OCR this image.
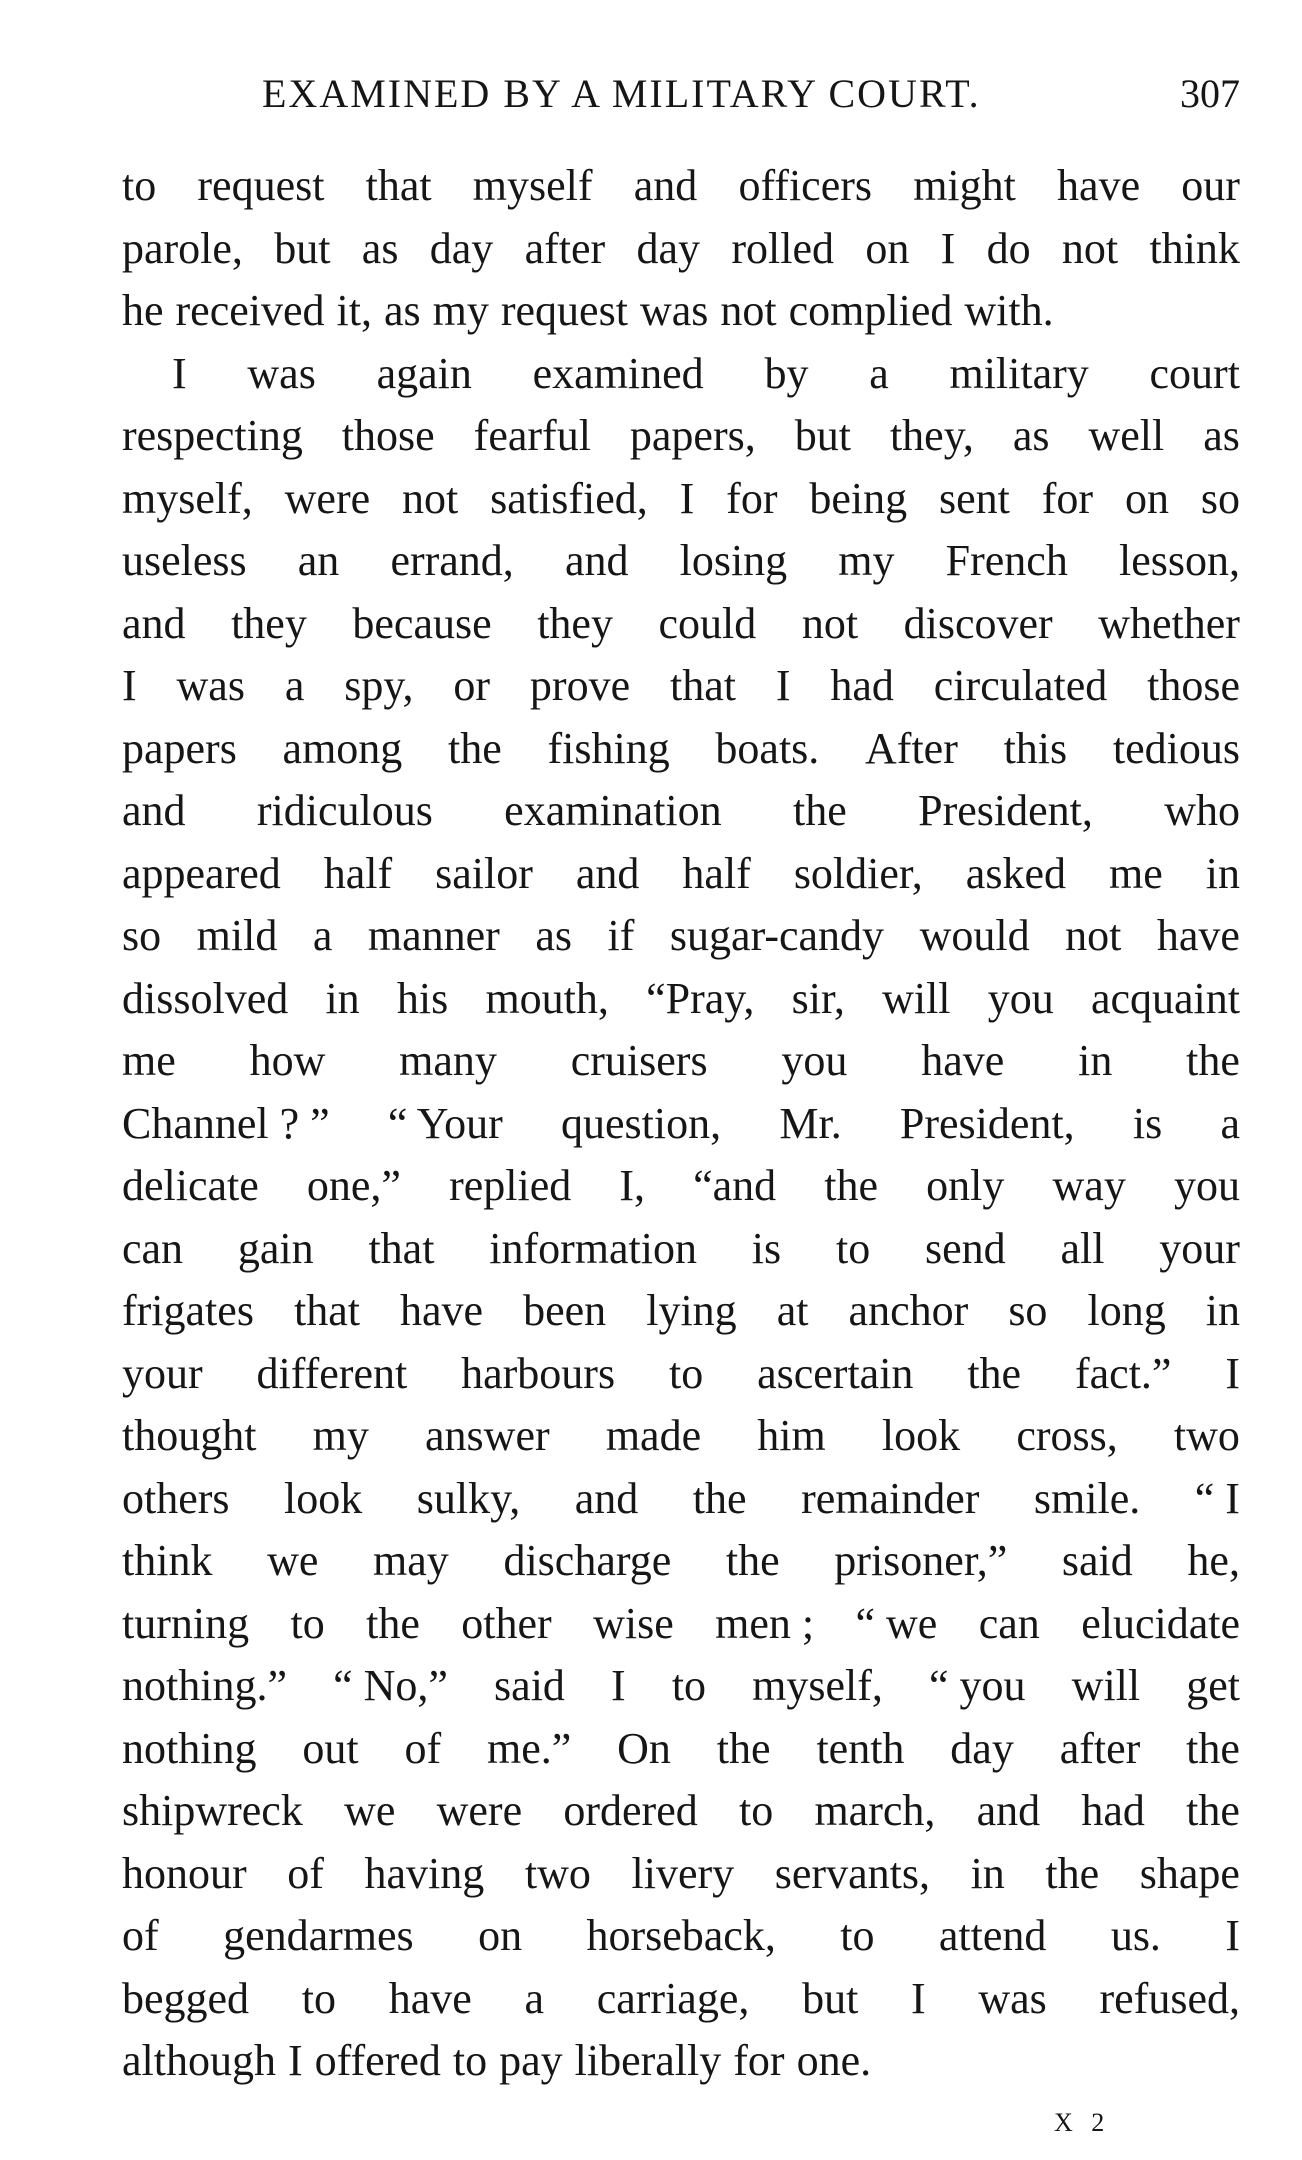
EXAMINED BY A MILITARY COURT.	307
to request that myself and officers might have our
parole, but as day after day rolled on I do not think
he received it, as my request was not complied with.
I was again examined by a military court
respecting those fearful papers, but they, as well as
myself, were not satisfied, I for being sent for on so
useless an errand, and losing my French lesson,
and they because they could not discover whether
I was a spy, or prove that I had circulated those
papers among the fishing boats. After this tedious
and ridiculous examination the President, who
appeared half sailor and half soldier, asked me in
so mild a manner as if sugar-candy would not have
dissolved in his mouth, “Pray, sir, will you acquaint
me how many cruisers you have in the
Channel ? ” “ Your question, Mr. President, is a
delicate one,” replied I, “and the only way you
can gain that information is to send all your
frigates that have been lying at anchor so long in
your different harbours to ascertain the fact.” I
thought my answer made him look cross, two
others look sulky, and the remainder smile. “ I
think we may discharge the prisoner,” said he,
turning to the other wise men ; “ we can elucidate
nothing.” “ No,” said I to myself, “ you will get
nothing out of me.” On the tenth day after the
shipwreck we were ordered to march, and had the
honour of having two livery servants, in the shape
of gendarmes on horseback, to attend us. I
begged to have a carriage, but I was refused,
although I offered to pay liberally for one.
X 2
